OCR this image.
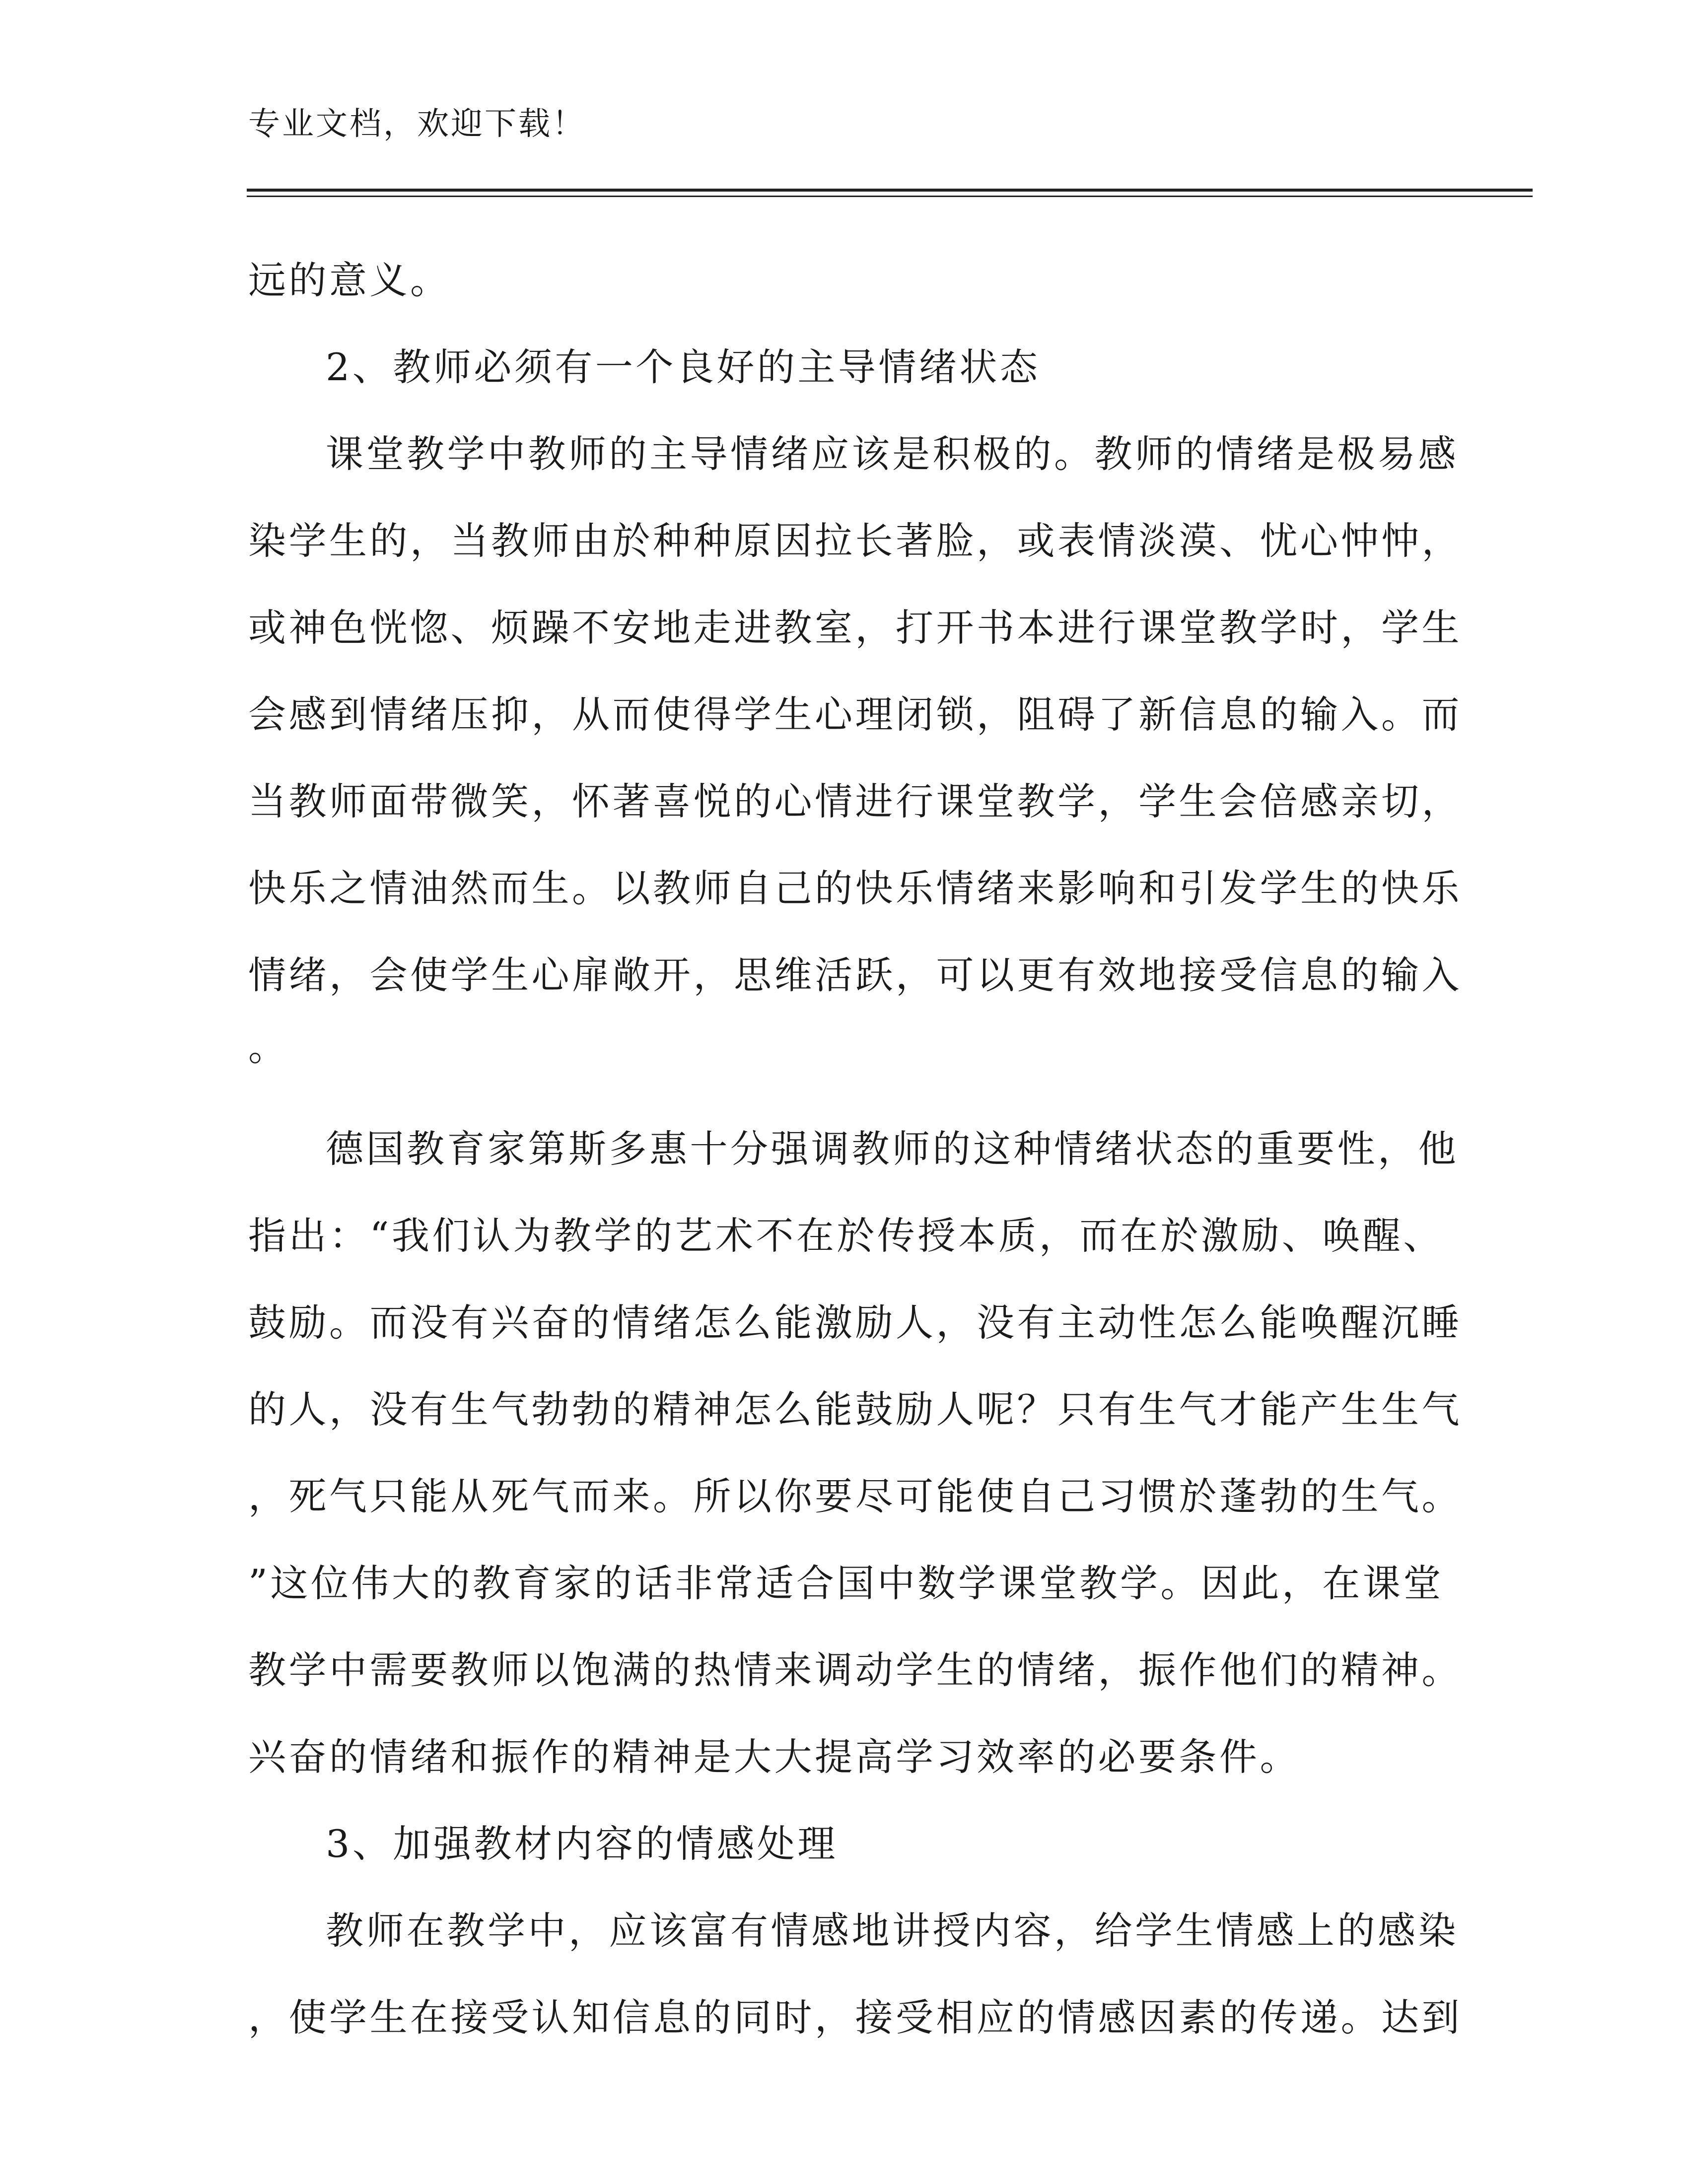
专业文档，欢迎下载！
远的意义。
2、教师必须有一个良好的主导情绪状态
课堂教学中教师的主导情绪应该是积极的。教师的情绪是极易感
染学生的，当教师由於种种原因拉长著脸，或表情淡漠、忧心忡忡，
或神色恍惚、烦躁不安地走进教室，打开书本进行课堂教学时，学生
会感到情绪压抑，从而使得学生心理闭锁，阻碍了新信息的输入。而
当教师面带微笑，怀著喜悦的心情进行课堂教学，学生会倍感亲切，
快乐之情油然而生。以教师自己的快乐情绪来影响和引发学生的快乐
情绪，会使学生心扉敞开，思维活跃，可以更有效地接受信息的输入
。
德国教育家第斯多惠十分强调教师的这种情绪状态的重要性，他
指出：“我们认为教学的艺术不在於传授本质，而在於激励、唤醒、
鼓励。而没有兴奋的情绪怎么能激励人，没有主动性怎么能唤醒沉睡
的人，没有生气勃勃的精神怎么能鼓励人呢？只有生气才能产生生气
，死气只能从死气而来。所以你要尽可能使自己习惯於蓬勃的生气。
”这位伟大的教育家的话非常适合国中数学课堂教学。因此，在课堂
教学中需要教师以饱满的热情来调动学生的情绪，振作他们的精神。
兴奋的情绪和振作的精神是大大提高学习效率的必要条件。
3、加强教材内容的情感处理
教师在教学中，应该富有情感地讲授内容，给学生情感上的感染
，使学生在接受认知信息的同时，接受相应的情感因素的传递。达到
